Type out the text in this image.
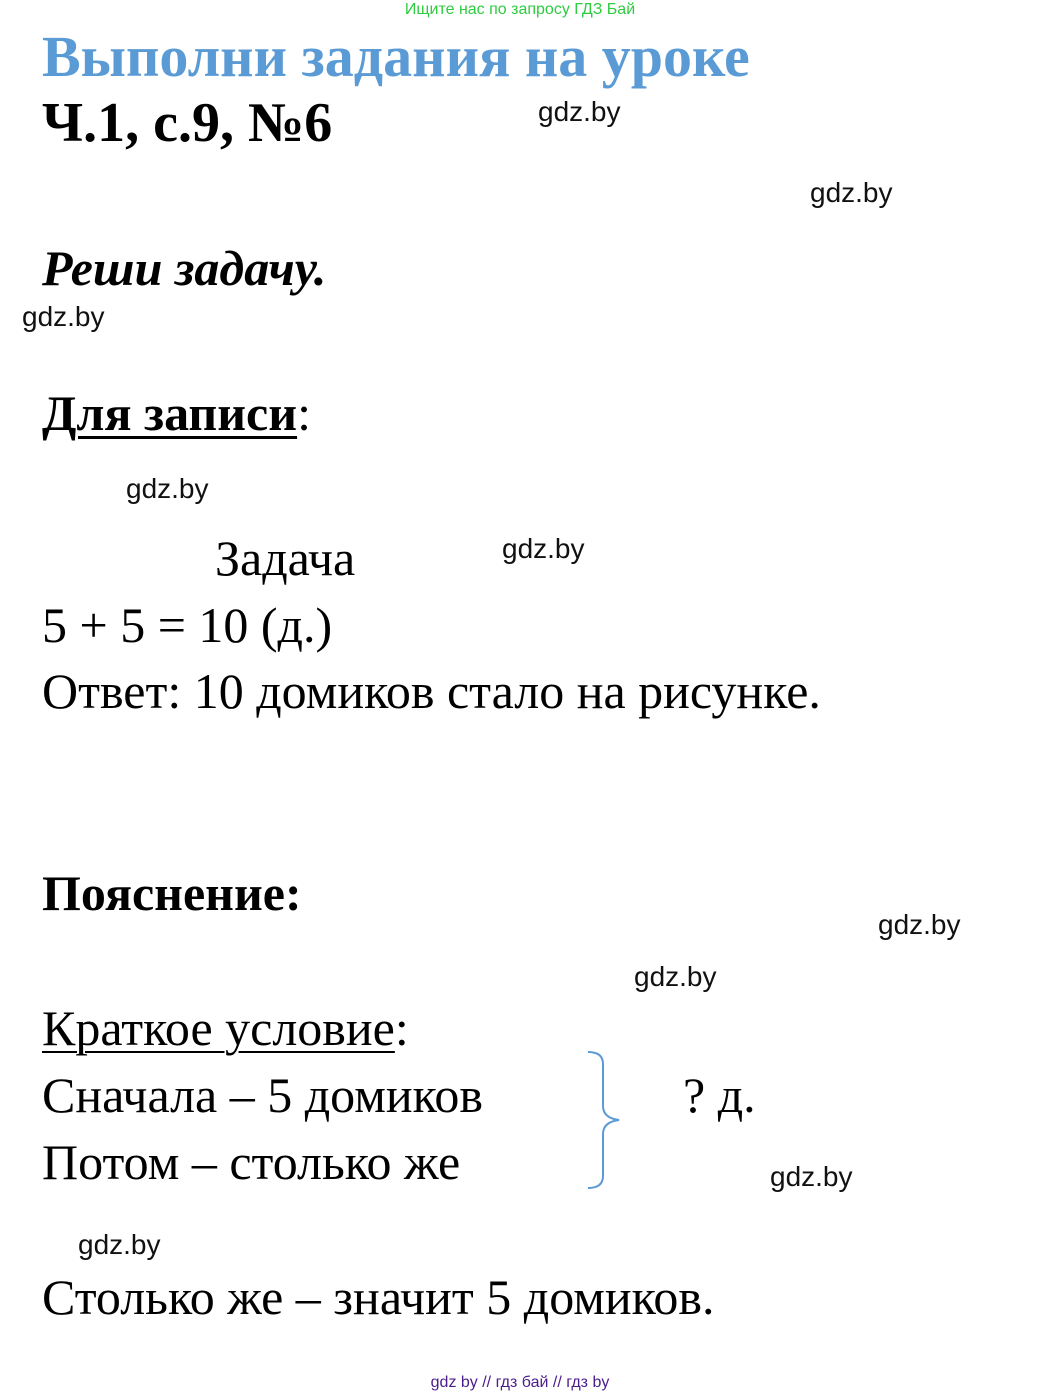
Ищите нас по запросу ГДЗ Бай
Выполни задания на уроке
Ч.1, с.9, №6
Реши задачу.
Для записи:
Задача
5 + 5 = 10 (д.)
Ответ: 10 домиков стало на рисунке.
Пояснение:
Краткое условие:
Сначала – 5 домиков
Потом – столько же
? д.
Столько же – значит 5 домиков.
gdz.by
gdz.by
gdz.by
gdz.by
gdz.by
gdz.by
gdz.by
gdz.by
gdz.by
gdz by // гдз бай // гдз by
